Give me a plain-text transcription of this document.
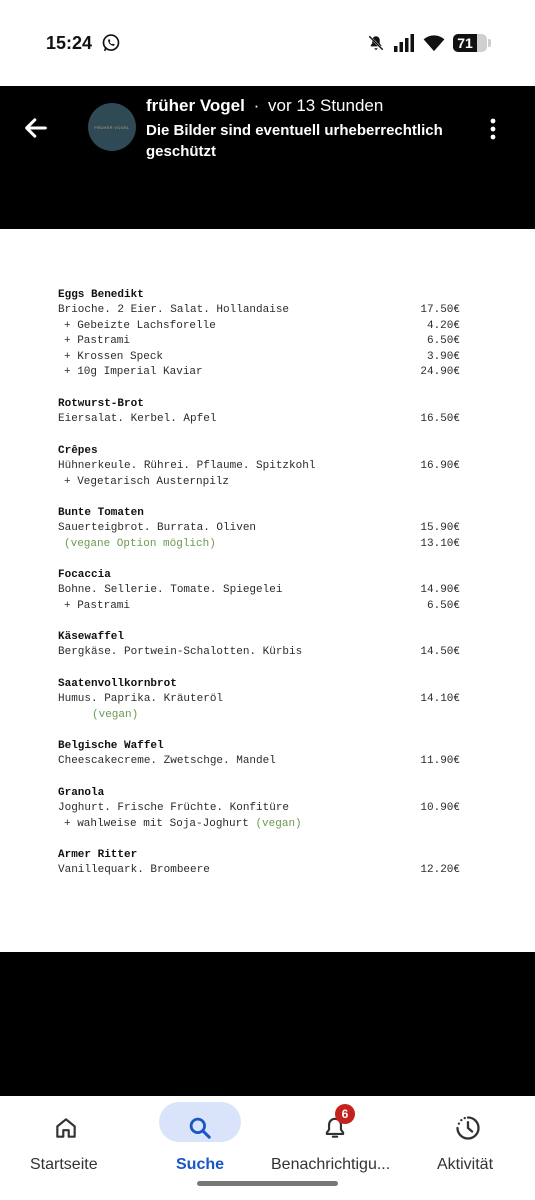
15:24	71
FRÜHER VOGEL
früher Vogel · vor 13 Stunden
Die Bilder sind eventuell urheberrechtlich geschützt
Eggs Benedikt
Brioche. 2 Eier. Salat. Hollandaise	17.50€
+ Gebeizte Lachsforelle	4.20€
+ Pastrami	6.50€
+ Krossen Speck	3.90€
+ 10g Imperial Kaviar	24.90€
Rotwurst-Brot
Eiersalat. Kerbel. Apfel	16.50€
Crêpes
Hühnerkeule. Rührei. Pflaume. Spitzkohl	16.90€
+ Vegetarisch Austernpilz
Bunte Tomaten
Sauerteigbrot. Burrata. Oliven	15.90€
(vegane Option möglich)	13.10€
Focaccia
Bohne. Sellerie. Tomate. Spiegelei	14.90€
+ Pastrami	6.50€
Käsewaffel
Bergkäse. Portwein-Schalotten. Kürbis	14.50€
Saatenvollkornbrot
Humus. Paprika. Kräuteröl	14.10€
(vegan)
Belgische Waffel
Cheescakecreme. Zwetschge. Mandel	11.90€
Granola
Joghurt. Frische Früchte. Konfitüre	10.90€
+ wahlweise mit Soja-Joghurt (vegan)
Armer Ritter
Vanillequark. Brombeere	12.20€
Startseite	Suche
6
Benachrichtigu...	Aktivität
